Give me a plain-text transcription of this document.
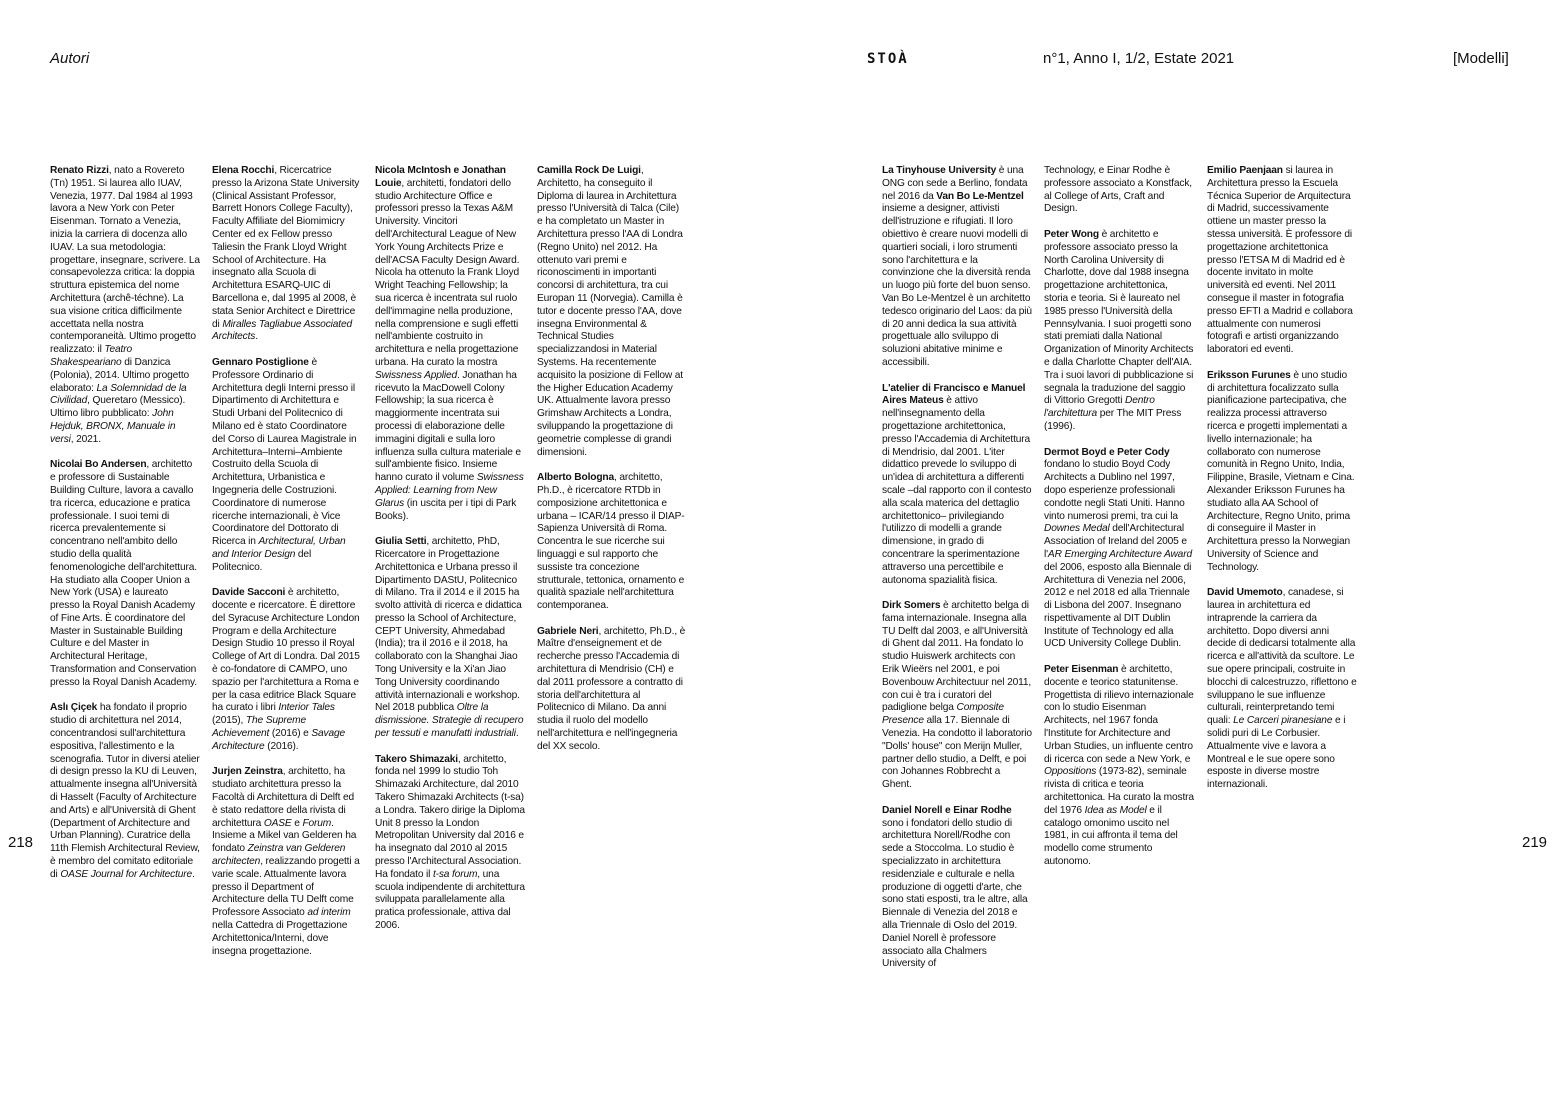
Autori	STOÀ	n°1, Anno I, 1/2, Estate 2021	[Modelli]
218	219

Renato Rizzi, nato a Rovereto (Tn) 1951. Si laurea allo IUAV, Venezia, 1977. Dal 1984 al 1993 lavora a New York con Peter Eisenman. Tornato a Venezia, inizia la carriera di docenza allo IUAV. La sua metodologia: progettare, insegnare, scrivere. La consapevolezza critica: la doppia struttura epistemica del nome Architettura (archê-téchne). La sua visione critica difficilmente accettata nella nostra contemporaneità. Ultimo progetto realizzato: il Teatro Shakespeariano di Danzica (Polonia), 2014. Ultimo progetto elaborato: La Solemnidad de la Civilidad, Queretaro (Messico). Ultimo libro pubblicato: John Hejduk, BRONX, Manuale in versi, 2021.

Nicolai Bo Andersen, architetto e professore di Sustainable Building Culture, lavora a cavallo tra ricerca, educazione e pratica professionale. I suoi temi di ricerca prevalentemente si concentrano nell'ambito dello studio della qualità fenomenologiche dell'architettura. Ha studiato alla Cooper Union a New York (USA) e laureato presso la Royal Danish Academy of Fine Arts. È coordinatore del Master in Sustainable Building Culture e del Master in Architectural Heritage, Transformation and Conservation presso la Royal Danish Academy.

Aslı Çiçek ha fondato il proprio studio di architettura nel 2014, concentrandosi sull'architettura espositiva, l'allestimento e la scenografia. Tutor in diversi atelier di design presso la KU di Leuven, attualmente insegna all'Università di Hasselt (Faculty of Architecture and Arts) e all'Università di Ghent (Department of Architecture and Urban Planning). Curatrice della 11th Flemish Architectural Review, è membro del comitato editoriale di OASE Journal for Architecture.

Elena Rocchi, Ricercatrice presso la Arizona State University (Clinical Assistant Professor, Barrett Honors College Faculty), Faculty Affiliate del Biomimicry Center ed ex Fellow presso Taliesin the Frank Lloyd Wright School of Architecture. Ha insegnato alla Scuola di Architettura ESARQ-UIC di Barcellona e, dal 1995 al 2008, è stata Senior Architect e Direttrice di Miralles Tagliabue Associated Architects.

Gennaro Postiglione è Professore Ordinario di Architettura degli Interni presso il Dipartimento di Architettura e Studi Urbani del Politecnico di Milano ed è stato Coordinatore del Corso di Laurea Magistrale in Architettura–Interni–Ambiente Costruito della Scuola di Architettura, Urbanistica e Ingegneria delle Costruzioni. Coordinatore di numerose ricerche internazionali, è Vice Coordinatore del Dottorato di Ricerca in Architectural, Urban and Interior Design del Politecnico.

Davide Sacconi è architetto, docente e ricercatore. È direttore del Syracuse Architecture London Program e della Architecture Design Studio 10 presso il Royal College of Art di Londra. Dal 2015 è co-fondatore di CAMPO, uno spazio per l'architettura a Roma e per la casa editrice Black Square ha curato i libri Interior Tales (2015), The Supreme Achievement (2016) e Savage Architecture (2016).

Jurjen Zeinstra, architetto, ha studiato architettura presso la Facoltà di Architettura di Delft ed è stato redattore della rivista di architettura OASE e Forum. Insieme a Mikel van Gelderen ha fondato Zeinstra van Gelderen architecten, realizzando progetti a varie scale. Attualmente lavora presso il Department of Architecture della TU Delft come Professore Associato ad interim nella Cattedra di Progettazione Architettonica/Interni, dove insegna progettazione.

Nicola McIntosh e Jonathan Louie, architetti, fondatori dello studio Architecture Office e professori presso la Texas A&M University. Vincitori dell'Architectural League of New York Young Architects Prize e dell'ACSA Faculty Design Award. Nicola ha ottenuto la Frank Lloyd Wright Teaching Fellowship; la sua ricerca è incentrata sul ruolo dell'immagine nella produzione, nella comprensione e sugli effetti nell'ambiente costruito in architettura e nella progettazione urbana. Ha curato la mostra Swissness Applied. Jonathan ha ricevuto la MacDowell Colony Fellowship; la sua ricerca è maggiormente incentrata sui processi di elaborazione delle immagini digitali e sulla loro influenza sulla cultura materiale e sull'ambiente fisico. Insieme hanno curato il volume Swissness Applied: Learning from New Glarus (in uscita per i tipi di Park Books).

Giulia Setti, architetto, PhD, Ricercatore in Progettazione Architettonica e Urbana presso il Dipartimento DAStU, Politecnico di Milano. Tra il 2014 e il 2015 ha svolto attività di ricerca e didattica presso la School of Architecture, CEPT University, Ahmedabad (India); tra il 2016 e il 2018, ha collaborato con la Shanghai Jiao Tong University e la Xi'an Jiao Tong University coordinando attività internazionali e workshop. Nel 2018 pubblica Oltre la dismissione. Strategie di recupero per tessuti e manufatti industriali.

Takero Shimazaki, architetto, fonda nel 1999 lo studio Toh Shimazaki Architecture, dal 2010 Takero Shimazaki Architects (t-sa) a Londra. Takero dirige la Diploma Unit 8 presso la London Metropolitan University dal 2016 e ha insegnato dal 2010 al 2015 presso l'Architectural Association. Ha fondato il t-sa forum, una scuola indipendente di architettura sviluppata parallelamente alla pratica professionale, attiva dal 2006.

Camilla Rock De Luigi, Architetto, ha conseguito il Diploma di laurea in Architettura presso l'Università di Talca (Cile) e ha completato un Master in Architettura presso l'AA di Londra (Regno Unito) nel 2012. Ha ottenuto vari premi e riconoscimenti in importanti concorsi di architettura, tra cui Europan 11 (Norvegia). Camilla è tutor e docente presso l'AA, dove insegna Environmental & Technical Studies specializzandosi in Material Systems. Ha recentemente acquisito la posizione di Fellow at the Higher Education Academy UK. Attualmente lavora presso Grimshaw Architects a Londra, sviluppando la progettazione di geometrie complesse di grandi dimensioni.

Alberto Bologna, architetto, Ph.D., è ricercatore RTDb in composizione architettonica e urbana – ICAR/14 presso il DIAP-Sapienza Università di Roma. Concentra le sue ricerche sui linguaggi e sul rapporto che sussiste tra concezione strutturale, tettonica, ornamento e qualità spaziale nell'architettura contemporanea.

Gabriele Neri, architetto, Ph.D., è Maître d'enseignement et de recherche presso l'Accademia di architettura di Mendrisio (CH) e dal 2011 professore a contratto di storia dell'architettura al Politecnico di Milano. Da anni studia il ruolo del modello nell'architettura e nell'ingegneria del XX secolo.

La Tinyhouse University è una ONG con sede a Berlino, fondata nel 2016 da Van Bo Le-Mentzel insieme a designer, attivisti dell'istruzione e rifugiati. Il loro obiettivo è creare nuovi modelli di quartieri sociali, i loro strumenti sono l'architettura e la convinzione che la diversità renda un luogo più forte del buon senso. Van Bo Le-Mentzel è un architetto tedesco originario del Laos: da più di 20 anni dedica la sua attività progettuale allo sviluppo di soluzioni abitative minime e accessibili.

L'atelier di Francisco e Manuel Aires Mateus è attivo nell'insegnamento della progettazione architettonica, presso l'Accademia di Architettura di Mendrisio, dal 2001. L'iter didattico prevede lo sviluppo di un'idea di architettura a differenti scale –dal rapporto con il contesto alla scala materica del dettaglio architettonico– privilegiando l'utilizzo di modelli a grande dimensione, in grado di concentrare la sperimentazione attraverso una percettibile e autonoma spazialità fisica.

Dirk Somers è architetto belga di fama internazionale. Insegna alla TU Delft dal 2003, e all'Università di Ghent dal 2011. Ha fondato lo studio Huiswerk architects con Erik Wieërs nel 2001, e poi Bovenbouw Architectuur nel 2011, con cui è tra i curatori del padiglione belga Composite Presence alla 17. Biennale di Venezia. Ha condotto il laboratorio "Dolls' house" con Merijn Muller, partner dello studio, a Delft, e poi con Johannes Robbrecht a Ghent.

Daniel Norell e Einar Rodhe sono i fondatori dello studio di architettura Norell/Rodhe con sede a Stoccolma. Lo studio è specializzato in architettura residenziale e culturale e nella produzione di oggetti d'arte, che sono stati esposti, tra le altre, alla Biennale di Venezia del 2018 e alla Triennale di Oslo del 2019. Daniel Norell è professore associato alla Chalmers University of

Technology, e Einar Rodhe è professore associato a Konstfack, al College of Arts, Craft and Design.

Peter Wong è architetto e professore associato presso la North Carolina University di Charlotte, dove dal 1988 insegna progettazione architettonica, storia e teoria. Si è laureato nel 1985 presso l'Università della Pennsylvania. I suoi progetti sono stati premiati dalla National Organization of Minority Architects e dalla Charlotte Chapter dell'AIA. Tra i suoi lavori di pubblicazione si segnala la traduzione del saggio di Vittorio Gregotti Dentro l'architettura per The MIT Press (1996).

Dermot Boyd e Peter Cody fondano lo studio Boyd Cody Architects a Dublino nel 1997, dopo esperienze professionali condotte negli Stati Uniti. Hanno vinto numerosi premi, tra cui la Downes Medal dell'Architectural Association of Ireland del 2005 e l'AR Emerging Architecture Award del 2006, esposto alla Biennale di Architettura di Venezia nel 2006, 2012 e nel 2018 ed alla Triennale di Lisbona del 2007. Insegnano rispettivamente al DIT Dublin Institute of Technology ed alla UCD University College Dublin.

Peter Eisenman è architetto, docente e teorico statunitense. Progettista di rilievo internazionale con lo studio Eisenman Architects, nel 1967 fonda l'Institute for Architecture and Urban Studies, un influente centro di ricerca con sede a New York, e Oppositions (1973-82), seminale rivista di critica e teoria architettonica. Ha curato la mostra del 1976 Idea as Model e il catalogo omonimo uscito nel 1981, in cui affronta il tema del modello come strumento autonomo.

Emilio Paenjaan si laurea in Architettura presso la Escuela Técnica Superior de Arquitectura di Madrid, successivamente ottiene un master presso la stessa università. È professore di progettazione architettonica presso l'ETSA M di Madrid ed è docente invitato in molte università ed eventi. Nel 2011 consegue il master in fotografia presso EFTI a Madrid e collabora attualmente con numerosi fotografi e artisti organizzando laboratori ed eventi.

Eriksson Furunes è uno studio di architettura focalizzato sulla pianificazione partecipativa, che realizza processi attraverso ricerca e progetti implementati a livello internazionale; ha collaborato con numerose comunità in Regno Unito, India, Filippine, Brasile, Vietnam e Cina. Alexander Eriksson Furunes ha studiato alla AA School of Architecture, Regno Unito, prima di conseguire il Master in Architettura presso la Norwegian University of Science and Technology.

David Umemoto, canadese, si laurea in architettura ed intraprende la carriera da architetto. Dopo diversi anni decide di dedicarsi totalmente alla ricerca e all'attività da scultore. Le sue opere principali, costruite in blocchi di calcestruzzo, riflettono e sviluppano le sue influenze culturali, reinterpretando temi quali: Le Carceri piranesiane e i solidi puri di Le Corbusier. Attualmente vive e lavora a Montreal e le sue opere sono esposte in diverse mostre internazionali.
